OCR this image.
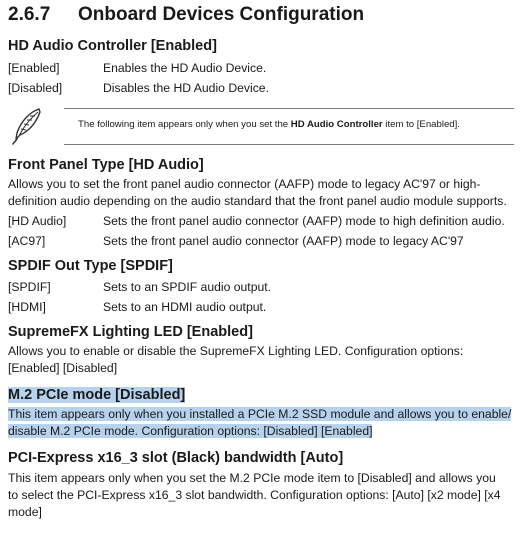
2.6.7 Onboard Devices Configuration
HD Audio Controller [Enabled]
[Enabled]	Enables the HD Audio Device.
[Disabled]	Disables the HD Audio Device.
The following item appears only when you set the HD Audio Controller item to [Enabled].
Front Panel Type [HD Audio]

Allows you to set the front panel audio connector (AAFP) mode to legacy AC'97 or high-
definition audio depending on the audio standard that the front panel audio module supports.

[HD Audio]	Sets the front panel audio connector (AAFP) mode to high definition audio.
[AC97]	Sets the front panel audio connector (AAFP) mode to legacy AC'97
SPDIF Out Type [SPDIF]
[SPDIF]	Sets to an SPDIF audio output.
[HDMI]	Sets to an HDMI audio output.
SupremeFX Lighting LED [Enabled]

Allows you to enable or disable the SupremeFX Lighting LED. Configuration options:
[Enabled] [Disabled]

M.2 PCIe mode [Disabled]

This item appears only when you installed a PCIe M.2 SSD module and allows you to enable/
disable M.2 PCIe mode. Configuration options: [Disabled] [Enabled]

PCI-Express x16_3 slot (Black) bandwidth [Auto]

This item appears only when you set the M.2 PCIe mode item to [Disabled] and allows you
to select the PCI-Express x16_3 slot bandwidth. Configuration options: [Auto] [x2 mode] [x4
mode]
